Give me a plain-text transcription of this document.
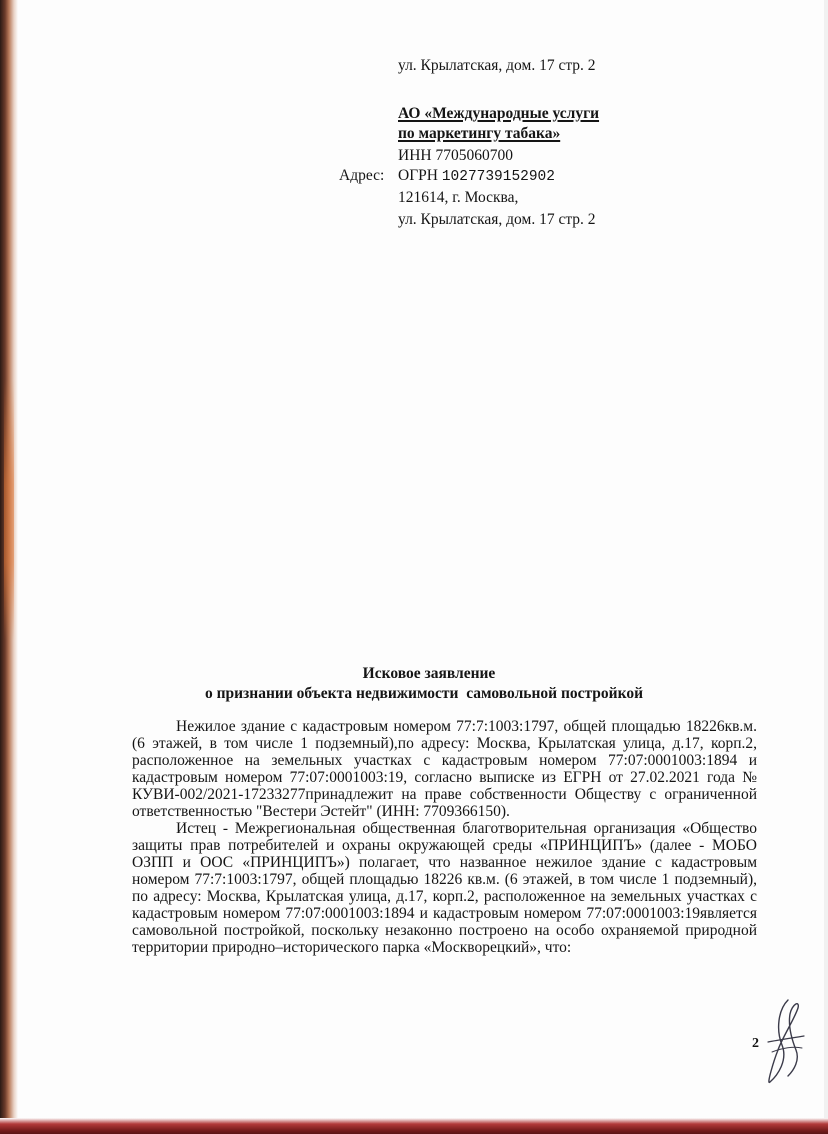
ул. Крылатская, дом. 17 стр. 2
АО «Международные услуги
по маркетингу табака»
ИНН 7705060700
Адрес: ОГРН 1027739152902
121614, г. Москва,
ул. Крылатская, дом. 17 стр. 2
Исковое заявление
о признании объекта недвижимости  самовольной постройкой

Нежилое здание с кадастровым номером 77:7:1003:1797, общей площадью 18226кв.м. (6 этажей, в том числе 1 подземный),по адресу: Москва, Крылатская улица, д.17, корп.2, расположенное на земельных участках с кадастровым номером 77:07:0001003:1894 и кадастровым номером 77:07:0001003:19, согласно выписке из ЕГРН от 27.02.2021 года № КУВИ-002/2021-17233277принадлежит на праве собственности Обществу с ограниченной ответственностью "Вестери Эстейт" (ИНН: 7709366150).

Истец - Межрегиональная общественная благотворительная организация «Общество защиты прав потребителей и охраны окружающей среды «ПРИНЦИПЪ» (далее - МОБО ОЗПП и ООС «ПРИНЦИПЪ») полагает, что названное нежилое здание с кадастровым номером 77:7:1003:1797, общей площадью 18226 кв.м. (6 этажей, в том числе 1 подземный), по адресу: Москва, Крылатская улица, д.17, корп.2, расположенное на земельных участках с кадастровым номером 77:07:0001003:1894 и кадастровым номером 77:07:0001003:19является самовольной постройкой, поскольку незаконно построено на особо охраняемой природной территории природно–исторического парка «Москворецкий», что:

2
